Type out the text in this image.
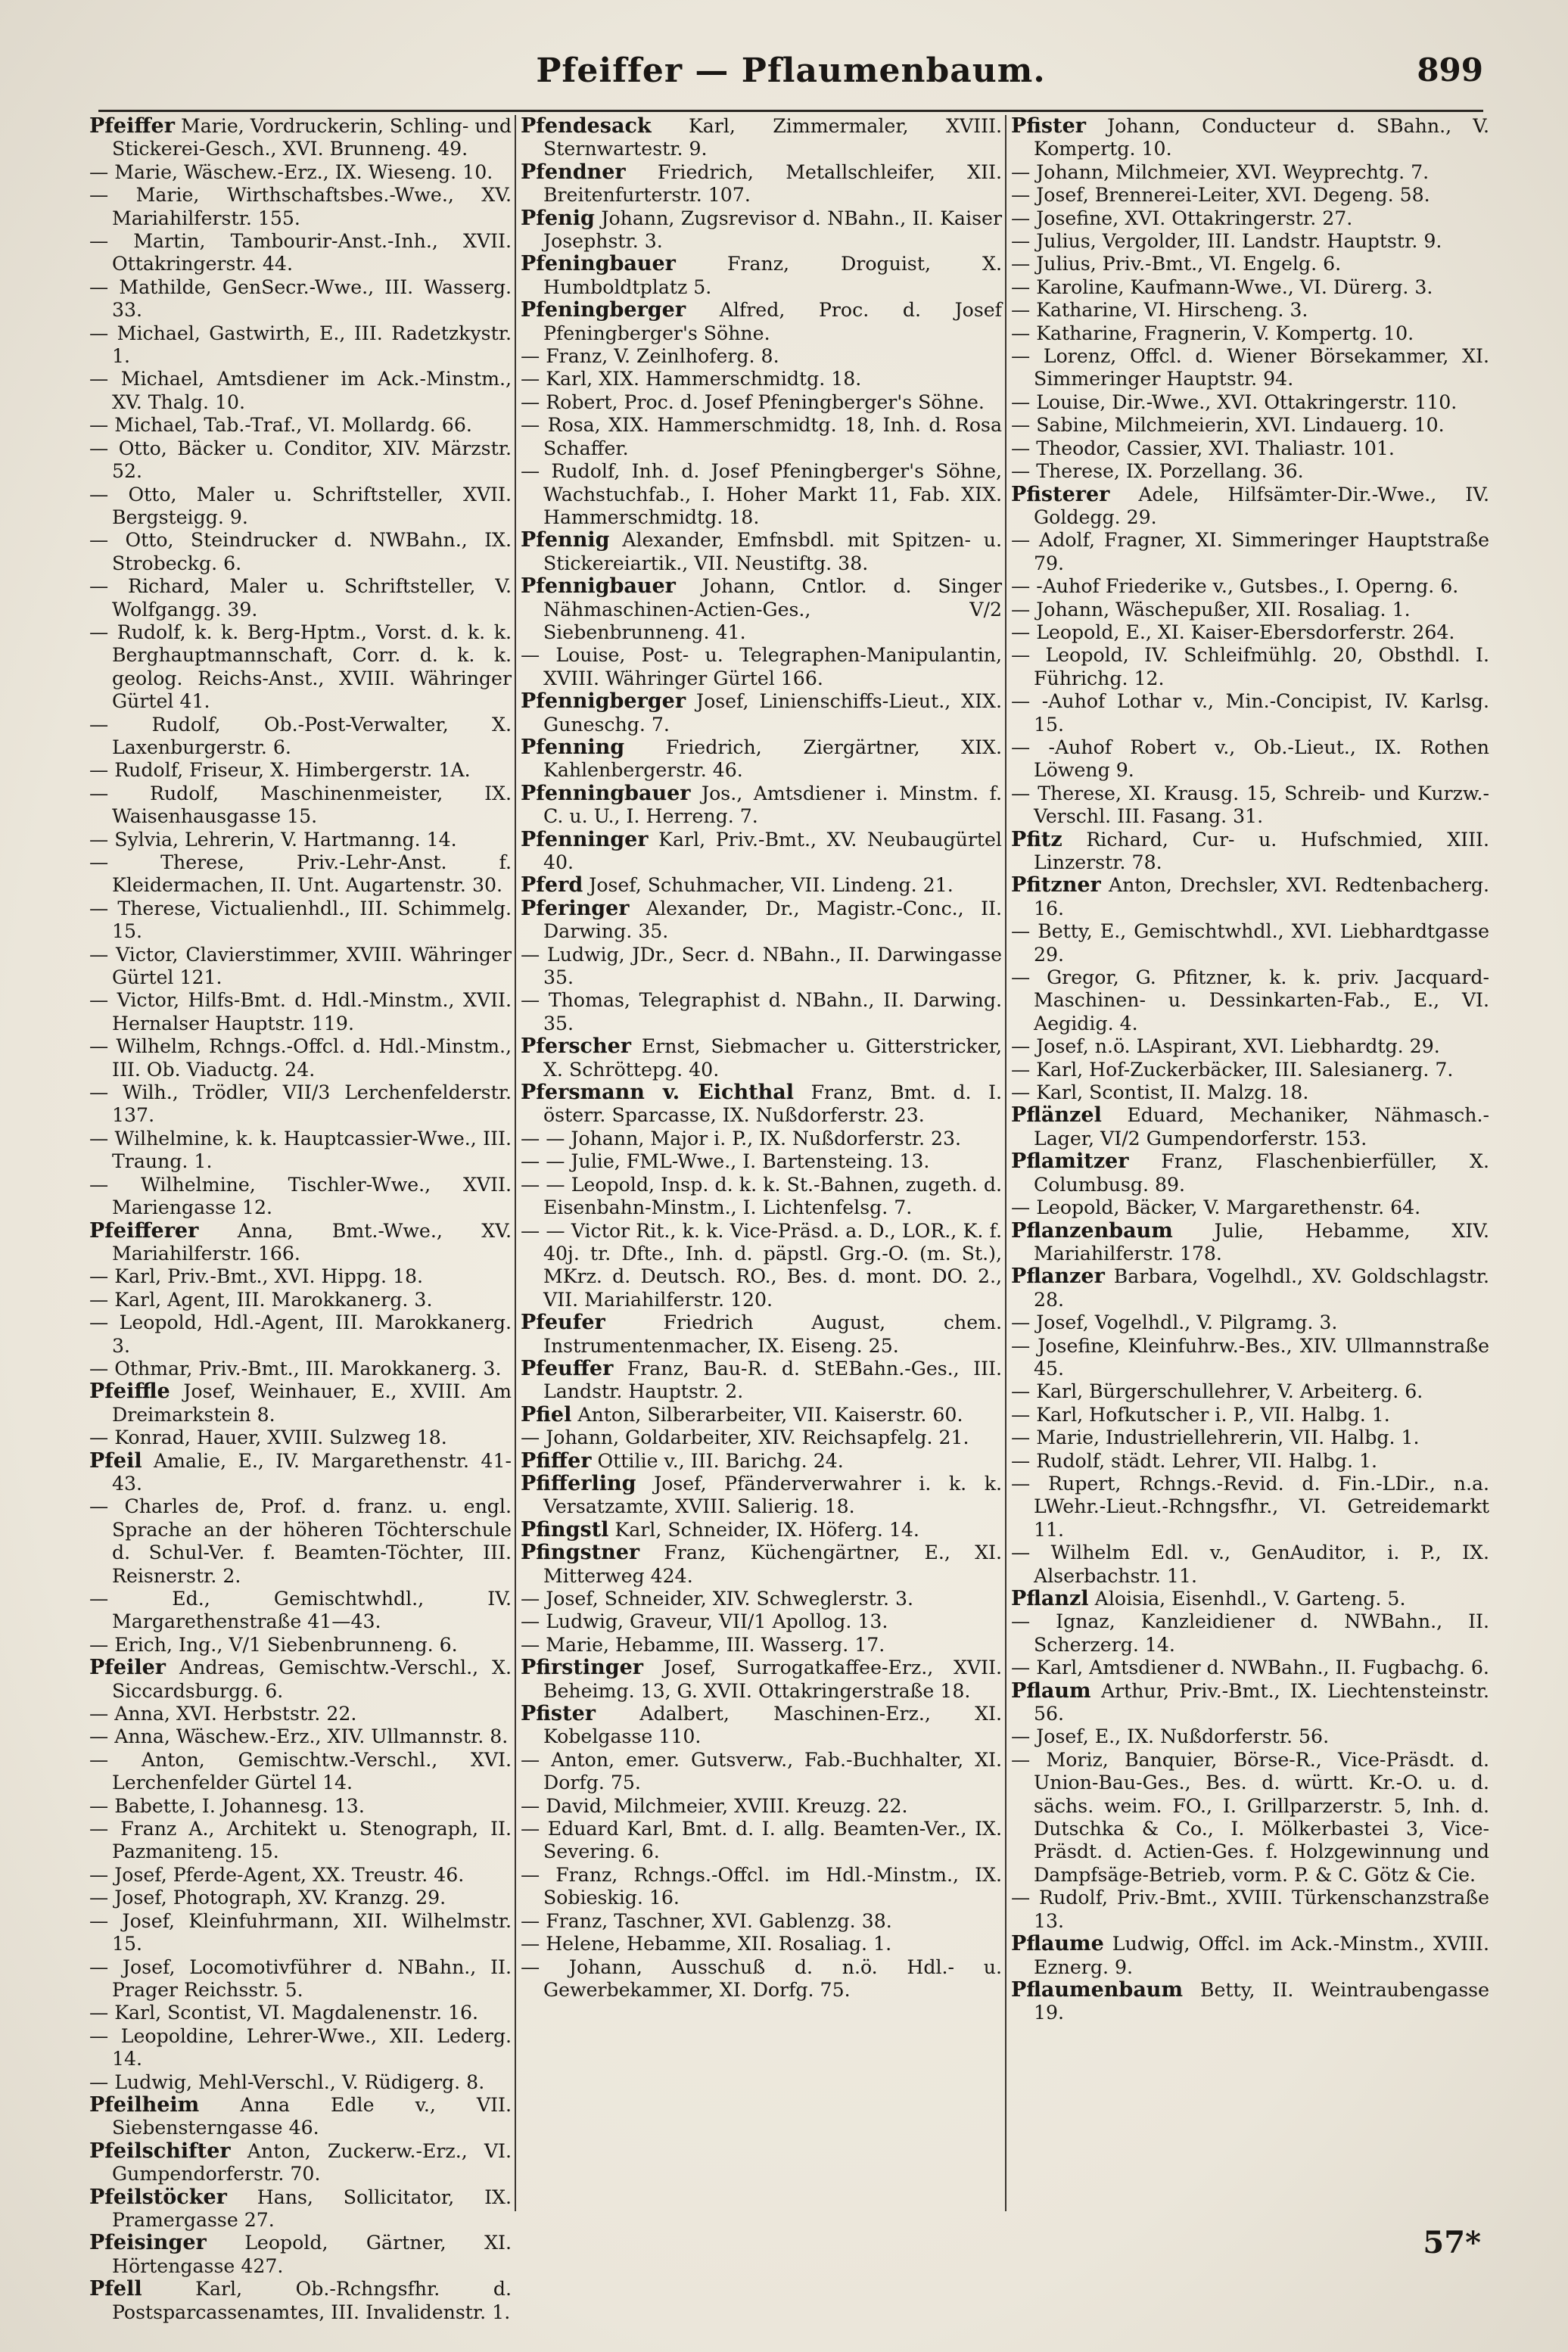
Pfeiffer — Pflaumenbaum.	899

Pfeiffer Marie, Vordruckerin, Schling- und Stickerei-Gesch., XVI. Brunneng. 49.

— Marie, Wäschew.-Erz., IX. Wieseng. 10.

— Marie, Wirthschaftsbes.-Wwe., XV. Mariahilferstr. 155.

— Martin, Tambourir-Anst.-Inh., XVII. Ottakringerstr. 44.

— Mathilde, GenSecr.-Wwe., III. Wasserg. 33.

— Michael, Gastwirth, E., III. Radetzkystr. 1.

— Michael, Amtsdiener im Ack.-Minstm., XV. Thalg. 10.

— Michael, Tab.-Traf., VI. Mollardg. 66.

— Otto, Bäcker u. Conditor, XIV. Märzstr. 52.

— Otto, Maler u. Schriftsteller, XVII. Bergsteigg. 9.

— Otto, Steindrucker d. NWBahn., IX. Strobeckg. 6.

— Richard, Maler u. Schriftsteller, V. Wolfgangg. 39.

— Rudolf, k. k. Berg-Hptm., Vorst. d. k. k. Berghauptmannschaft, Corr. d. k. k. geolog. Reichs-Anst., XVIII. Währinger Gürtel 41.

— Rudolf, Ob.-Post-Verwalter, X. Laxenburgerstr. 6.

— Rudolf, Friseur, X. Himbergerstr. 1A.

— Rudolf, Maschinenmeister, IX. Waisenhausgasse 15.

— Sylvia, Lehrerin, V. Hartmanng. 14.

— Therese, Priv.-Lehr-Anst. f. Kleidermachen, II. Unt. Augartenstr. 30.

— Therese, Victualienhdl., III. Schimmelg. 15.

— Victor, Clavierstimmer, XVIII. Währinger Gürtel 121.

— Victor, Hilfs-Bmt. d. Hdl.-Minstm., XVII. Hernalser Hauptstr. 119.

— Wilhelm, Rchngs.-Offcl. d. Hdl.-Minstm., III. Ob. Viaductg. 24.

— Wilh., Trödler, VII/3 Lerchenfelderstr. 137.

— Wilhelmine, k. k. Hauptcassier-Wwe., III. Traung. 1.

— Wilhelmine, Tischler-Wwe., XVII. Mariengasse 12.

Pfeifferer Anna, Bmt.-Wwe., XV. Mariahilferstr. 166.

— Karl, Priv.-Bmt., XVI. Hippg. 18.

— Karl, Agent, III. Marokkanerg. 3.

— Leopold, Hdl.-Agent, III. Marokkanerg. 3.

— Othmar, Priv.-Bmt., III. Marokkanerg. 3.

Pfeiffle Josef, Weinhauer, E., XVIII. Am Dreimarkstein 8.

— Konrad, Hauer, XVIII. Sulzweg 18.

Pfeil Amalie, E., IV. Margarethenstr. 41-43.

— Charles de, Prof. d. franz. u. engl. Sprache an der höheren Töchterschule d. Schul-Ver. f. Beamten-Töchter, III. Reisnerstr. 2.

— Ed., Gemischtwhdl., IV. Margarethenstraße 41—43.

— Erich, Ing., V/1 Siebenbrunneng. 6.

Pfeiler Andreas, Gemischtw.-Verschl., X. Siccardsburgg. 6.

— Anna, XVI. Herbststr. 22.

— Anna, Wäschew.-Erz., XIV. Ullmannstr. 8.

— Anton, Gemischtw.-Verschl., XVI. Lerchenfelder Gürtel 14.

— Babette, I. Johannesg. 13.

— Franz A., Architekt u. Stenograph, II. Pazmaniteng. 15.

— Josef, Pferde-Agent, XX. Treustr. 46.

— Josef, Photograph, XV. Kranzg. 29.

— Josef, Kleinfuhrmann, XII. Wilhelmstr. 15.

— Josef, Locomotivführer d. NBahn., II. Prager Reichsstr. 5.

— Karl, Scontist, VI. Magdalenenstr. 16.

— Leopoldine, Lehrer-Wwe., XII. Lederg. 14.

— Ludwig, Mehl-Verschl., V. Rüdigerg. 8.

Pfeilheim Anna Edle v., VII. Siebensterngasse 46.

Pfeilschifter Anton, Zuckerw.-Erz., VI. Gumpendorferstr. 70.

Pfeilstöcker Hans, Sollicitator, IX. Pramergasse 27.

Pfeisinger Leopold, Gärtner, XI. Hörtengasse 427.

Pfell	Karl, Ob.-Rchngsfhr. d. Postsparcassenamtes, III. Invalidenstr. 1.

Pfendesack Karl, Zimmermaler, XVIII. Sternwartestr. 9.

Pfendner Friedrich, Metallschleifer, XII. Breitenfurterstr. 107.

Pfenig Johann, Zugsrevisor d. NBahn., II. Kaiser Josephstr. 3.

Pfeningbauer	Franz, Droguist, X. Humboldtplatz 5.

Pfeningberger Alfred, Proc. d. Josef Pfeningberger's Söhne.

— Franz, V. Zeinlhoferg. 8.

— Karl, XIX. Hammerschmidtg. 18.

— Robert, Proc. d. Josef Pfeningberger's Söhne.

— Rosa, XIX. Hammerschmidtg. 18, Inh. d. Rosa Schaffer.

— Rudolf, Inh. d. Josef Pfeningberger's Söhne, Wachstuchfab., I. Hoher Markt 11, Fab. XIX. Hammerschmidtg. 18.

Pfennig Alexander, Emfnsbdl. mit Spitzen- u. Stickereiartik., VII. Neustiftg. 38.

Pfennigbauer Johann, Cntlor. d. Singer Nähmaschinen-Actien-Ges., V/2 Siebenbrunneng. 41.

— Louise, Post- u. Telegraphen-Manipulantin, XVIII. Währinger Gürtel 166.

Pfennigberger Josef, Linienschiffs-Lieut., XIX. Guneschg. 7.

Pfenning Friedrich, Ziergärtner, XIX. Kahlenbergerstr. 46.

Pfenningbauer Jos., Amtsdiener i. Minstm. f. C. u. U., I. Herreng. 7.

Pfenninger Karl, Priv.-Bmt., XV. Neubaugürtel 40.

Pferd Josef, Schuhmacher, VII. Lindeng. 21.

Pferinger Alexander, Dr., Magistr.-Conc., II. Darwing. 35.

— Ludwig, JDr., Secr. d. NBahn., II. Darwingasse 35.

— Thomas, Telegraphist d. NBahn., II. Darwing. 35.

Pferscher Ernst, Siebmacher u. Gitterstricker, X. Schröttерg. 40.

Pfersmann v. Eichthal Franz, Bmt. d. I. österr. Sparcasse, IX. Nußdorferstr. 23.

— — Johann, Major i. P., IX. Nußdorferstr. 23.

— — Julie, FML-Wwe., I. Bartensteing. 13.

— — Leopold, Insp. d. k. k. St.-Bahnen, zugeth. d. Eisenbahn-Minstm., I. Lichtenfelsg. 7.

— — Victor Rit., k. k. Vice-Präsd. a. D., LOR., K. f. 40j. tr. Dfte., Inh. d. päpstl. Grg.-O. (m. St.), MKrz. d. Deutsch. RO., Bes. d. mont. DO. 2., VII. Mariahilferstr. 120.

Pfeufer	Friedrich August, chem. Instrumentenmacher, IX. Eiseng. 25.

Pfeuffer Franz, Bau-R. d. StEBahn.-Ges., III. Landstr. Hauptstr. 2.

Pfiel Anton, Silberarbeiter, VII. Kaiserstr. 60.

— Johann, Goldarbeiter, XIV. Reichsapfelg. 21.

Pfiffer Ottilie v., III. Barichg. 24.

Pfifferling Josef, Pfänderverwahrer i. k. k. Versatzamte, XVIII. Salierig. 18.

Pfingstl Karl, Schneider, IX. Höferg. 14.

Pfingstner Franz, Küchengärtner, E., XI. Mitterweg 424.

— Josef, Schneider, XIV. Schweglerstr. 3.

— Ludwig, Graveur, VII/1 Apollog. 13.

— Marie, Hebamme, III. Wasserg. 17.

Pfirstinger Josef, Surrogatkaffee-Erz., XVII. Beheimg. 13, G. XVII. Ottakringerstraße 18.

Pfister Adalbert, Maschinen-Erz., XI. Kobelgasse 110.

— Anton, emer. Gutsverw., Fab.-Buchhalter, XI. Dorfg. 75.

— David, Milchmeier, XVIII. Kreuzg. 22.

— Eduard Karl, Bmt. d. I. allg. Beamten-Ver., IX. Severing. 6.

— Franz, Rchngs.-Offcl. im Hdl.-Minstm., IX. Sobieskig. 16.

— Franz, Taschner, XVI. Gablenzg. 38.

— Helene, Hebamme, XII. Rosaliag. 1.

— Johann, Ausschuß d. n.ö. Hdl.- u. Gewerbekammer, XI. Dorfg. 75.

Pfister Johann, Conducteur d. SBahn., V. Kompertg. 10.

— Johann, Milchmeier, XVI. Weyprechtg. 7.

— Josef, Brennerei-Leiter, XVI. Degeng. 58.

— Josefine, XVI. Ottakringerstr. 27.

— Julius, Vergolder, III. Landstr. Hauptstr. 9.

— Julius, Priv.-Bmt., VI. Engelg. 6.

— Karoline, Kaufmann-Wwe., VI. Dürerg. 3.

— Katharine, VI. Hirscheng. 3.

— Katharine, Fragnerin, V. Kompertg. 10.

— Lorenz, Offcl. d. Wiener Börsekammer, XI. Simmeringer Hauptstr. 94.

— Louise, Dir.-Wwe., XVI. Ottakringerstr. 110.

— Sabine, Milchmeierin, XVI. Lindauerg. 10.

— Theodor, Cassier, XVI. Thaliastr. 101.

— Therese, IX. Porzellang. 36.

Pfisterer Adele, Hilfsämter-Dir.-Wwe., IV. Goldegg. 29.

— Adolf, Fragner, XI. Simmeringer Hauptstraße 79.

— -Auhof Friederike v., Gutsbes., I. Operng. 6.

— Johann, Wäschepußer, XII. Rosaliag. 1.

— Leopold, E., XI. Kaiser-Ebersdorferstr. 264.

— Leopold, IV. Schleifmühlg. 20, Obsthdl. I. Führichg. 12.

— -Auhof Lothar v., Min.-Concipist, IV. Karlsg. 15.

— -Auhof Robert v., Ob.-Lieut., IX. Rothen Löweng 9.

— Therese, XI. Krausg. 15, Schreib- und Kurzw.-Verschl. III. Fasang. 31.

Pfitz Richard, Cur- u. Hufschmied, XIII. Linzerstr. 78.

Pfitzner Anton, Drechsler, XVI. Redtenbacherg. 16.

— Betty, E., Gemischtwhdl., XVI. Liebhardtgasse 29.

— Gregor, G. Pfitzner, k. k. priv. Jacquard-Maschinen- u. Dessinkarten-Fab., E., VI. Aegidig. 4.

— Josef, n.ö. LAspirant, XVI. Liebhardtg. 29.

— Karl, Hof-Zuckerbäcker, III. Salesianerg. 7.

— Karl, Scontist, II. Malzg. 18.

Pflänzel Eduard, Mechaniker, Nähmasch.-Lager, VI/2 Gumpendorferstr. 153.

Pflamitzer Franz, Flaschenbierfüller, X. Columbusg. 89.

— Leopold, Bäcker, V. Margarethenstr. 64.

Pflanzenbaum Julie, Hebamme, XIV. Mariahilferstr. 178.

Pflanzer Barbara, Vogelhdl., XV. Goldschlagstr. 28.

— Josef, Vogelhdl., V. Pilgramg. 3.

— Josefine, Kleinfuhrw.-Bes., XIV. Ullmannstraße 45.

— Karl, Bürgerschullehrer, V. Arbeiterg. 6.

— Karl, Hofkutscher i. P., VII. Halbg. 1.

— Marie, Industriellehrerin, VII. Halbg. 1.

— Rudolf, städt. Lehrer, VII. Halbg. 1.

— Rupert, Rchngs.-Revid. d. Fin.-LDir., n.a. LWehr.-Lieut.-Rchngsfhr., VI. Getreidemarkt 11.

— Wilhelm Edl. v., GenAuditor, i. P., IX. Alserbachstr. 11.

Pflanzl Aloisia, Eisenhdl., V. Garteng. 5.

— Ignaz, Kanzleidiener d. NWBahn., II. Scherzerg. 14.

— Karl, Amtsdiener d. NWBahn., II. Fugbachg. 6.

Pflaum Arthur, Priv.-Bmt., IX. Liechtensteinstr. 56.

— Josef, E., IX. Nußdorferstr. 56.

— Moriz, Banquier, Börse-R., Vice-Präsdt. d. Union-Bau-Ges., Bes. d. württ. Kr.-O. u. d. sächs. weim. FO., I. Grillparzerstr. 5, Inh. d. Dutschka & Co., I. Mölkerbastei 3, Vice-Präsdt. d. Actien-Ges. f. Holzgewinnung und Dampfsäge-Betrieb, vorm. P. & C. Götz & Cie.

— Rudolf, Priv.-Bmt., XVIII. Türkenschanzstraße 13.

Pflaume Ludwig, Offcl. im Ack.-Minstm., XVIII. Eznerg. 9.

Pflaumenbaum Betty, II. Weintraubengasse 19.

57*
